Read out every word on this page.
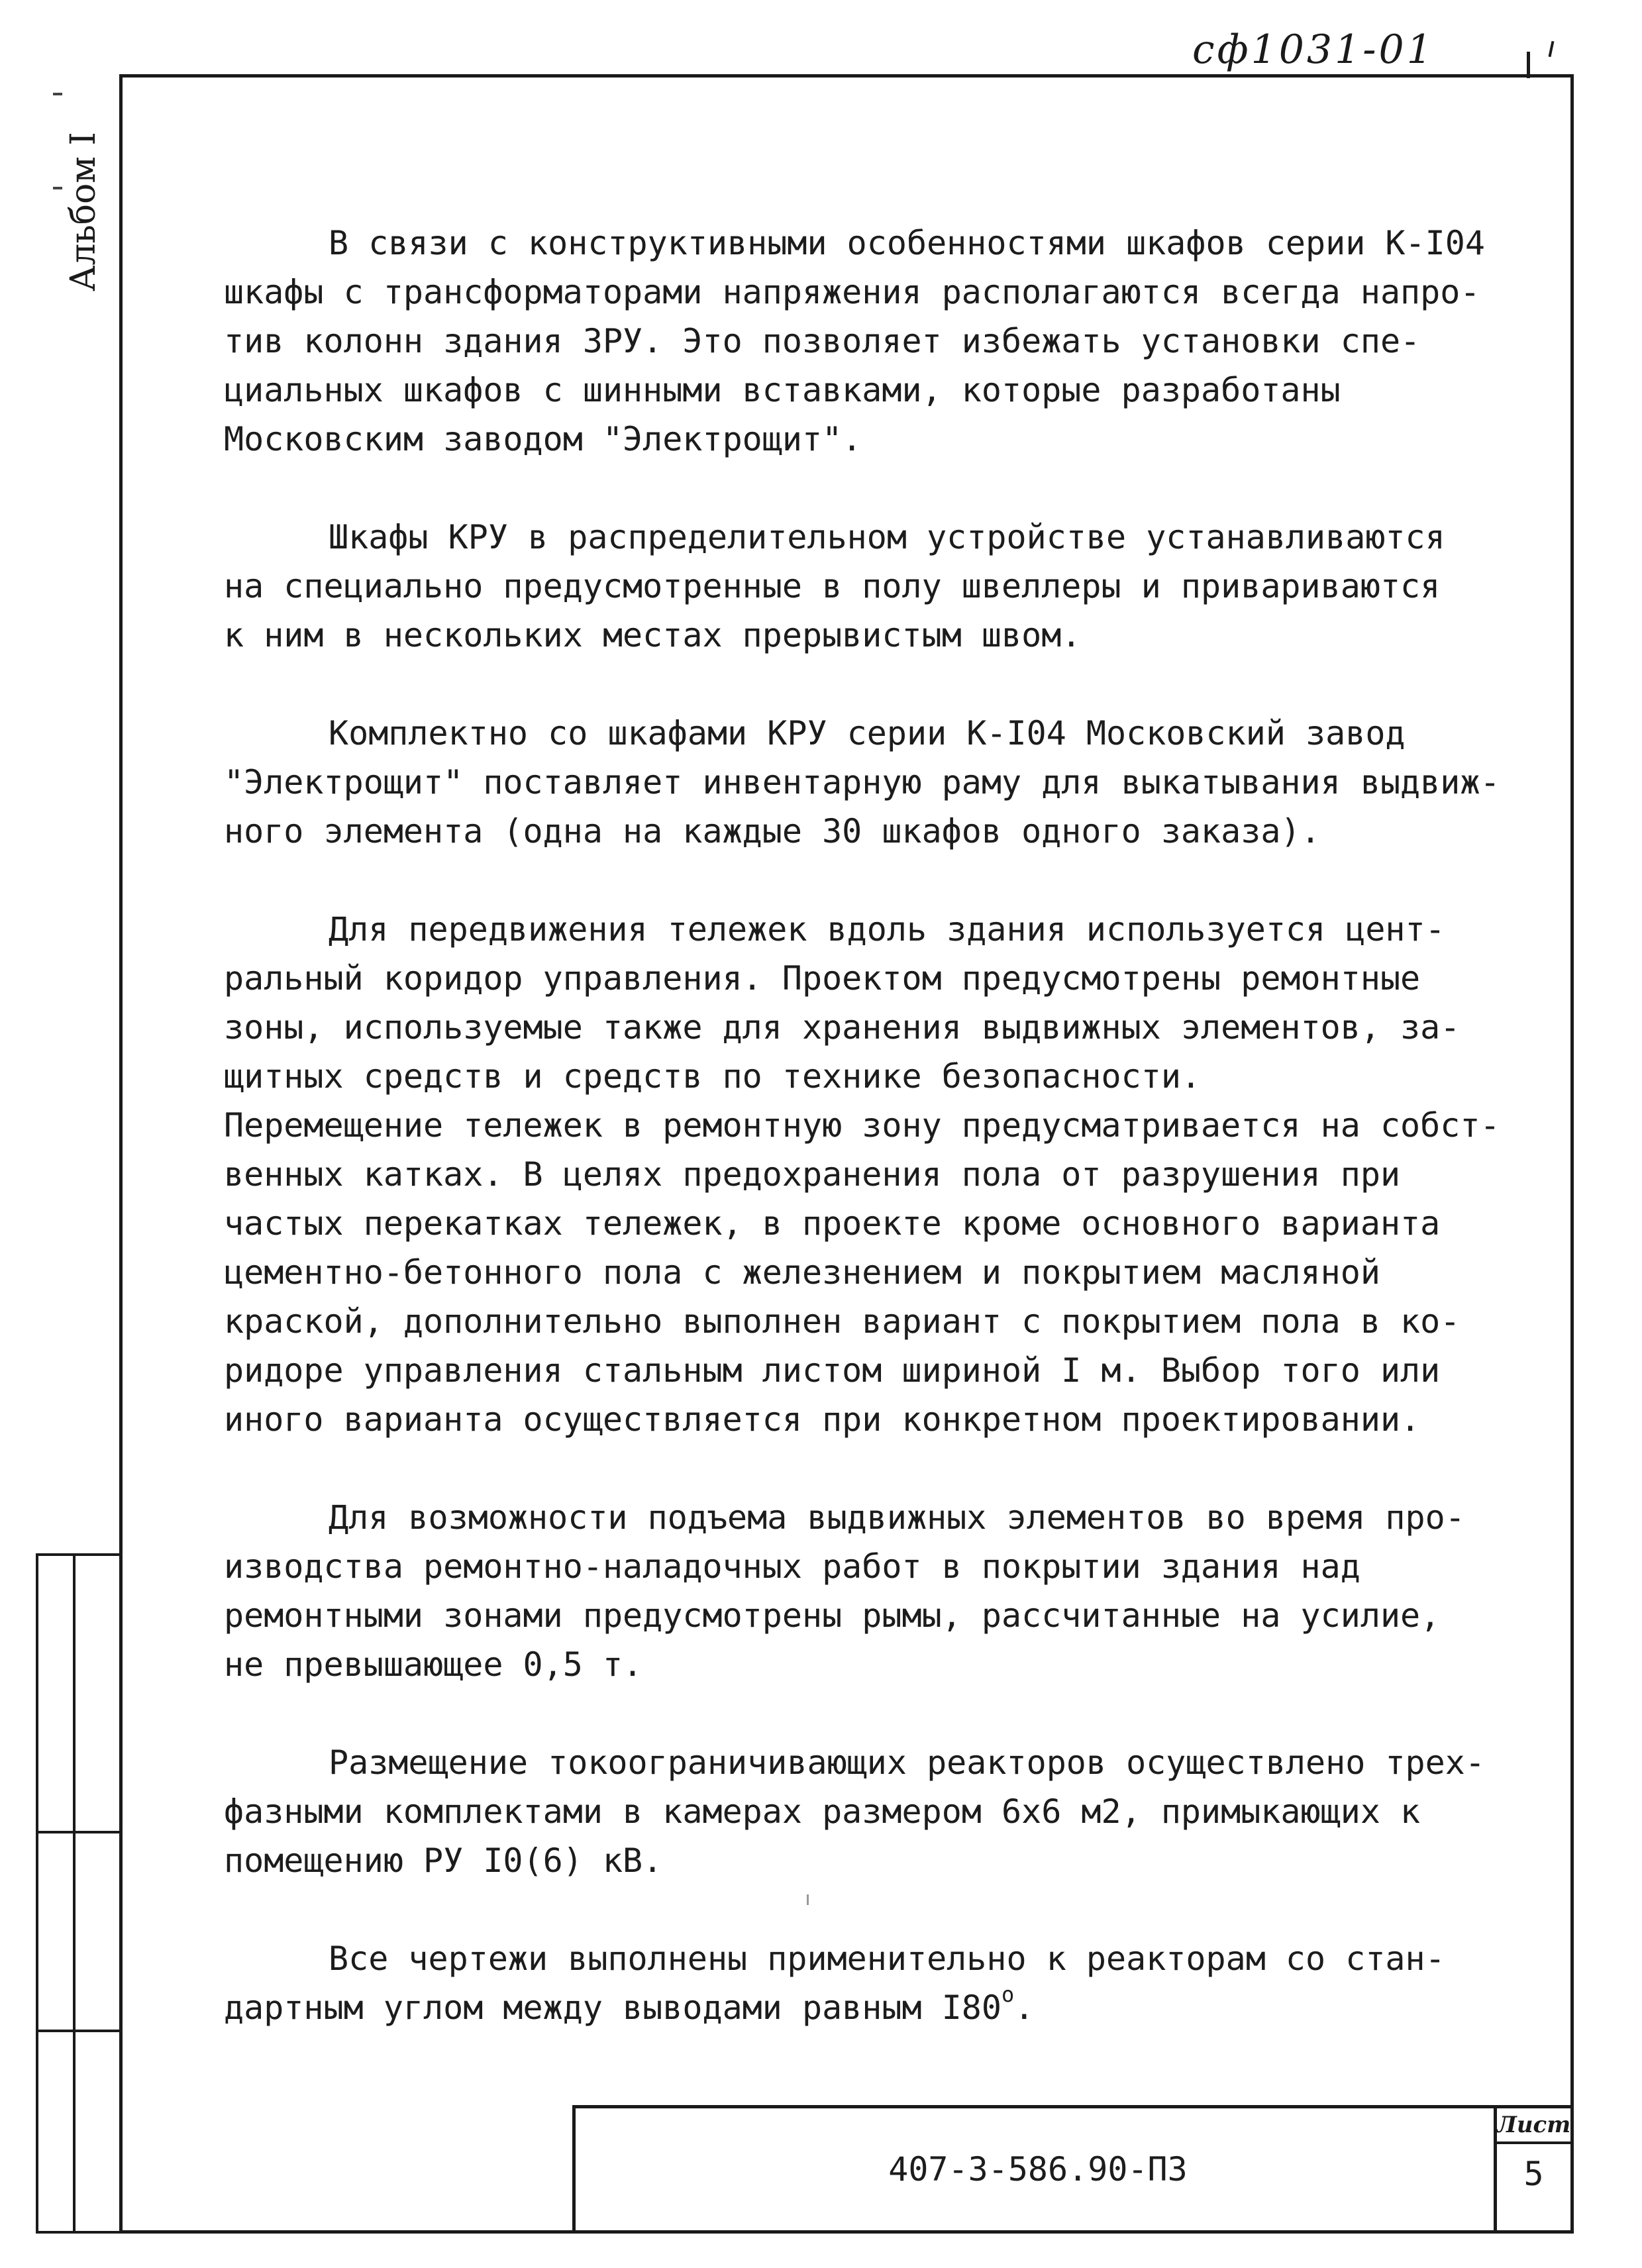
сф1031-01
Альбом I	В связи с конструктивными особенностями шкафов серии К-I04
шкафы с трансформаторами напряжения располагаются всегда напро-
тив колонн здания ЗРУ. Это позволяет избежать установки спе-
циальных шкафов с шинными вставками, которые разработаны
Московским заводом "Электрощит".
Шкафы КРУ в распределительном устройстве устанавливаются
на специально предусмотренные в полу швеллеры и привариваются
к ним в нескольких местах прерывистым швом.
Комплектно со шкафами КРУ серии К-I04 Московский завод
"Электрощит" поставляет инвентарную раму для выкатывания выдвиж-
ного элемента (одна на каждые 30 шкафов одного заказа).
Для передвижения тележек вдоль здания используется цент-
ральный коридор управления. Проектом предусмотрены ремонтные
зоны, используемые также для хранения выдвижных элементов, за-
щитных средств и средств по технике безопасности.
Перемещение тележек в ремонтную зону предусматривается на собст-
венных катках. В целях предохранения пола от разрушения при
частых перекатках тележек, в проекте кроме основного варианта
цементно-бетонного пола с железнением и покрытием масляной
краской, дополнительно выполнен вариант с покрытием пола в ко-
ридоре управления стальным листом шириной I м. Выбор того или
иного варианта осуществляется при конкретном проектировании.
Для возможности подъема выдвижных элементов во время про-
изводства ремонтно-наладочных работ в покрытии здания над
ремонтными зонами предусмотрены рымы, рассчитанные на усилие,
не превышающее 0,5 т.
Размещение токоограничивающих реакторов осуществлено трех-
фазными комплектами в камерах размером 6х6 м2, примыкающих к
помещению РУ I0(6) кВ.
Все чертежи выполнены применительно к реакторам со стан-
дартным углом между выводами равным $I80^о$.
407-3-586.90-ПЗ
Лист
5
